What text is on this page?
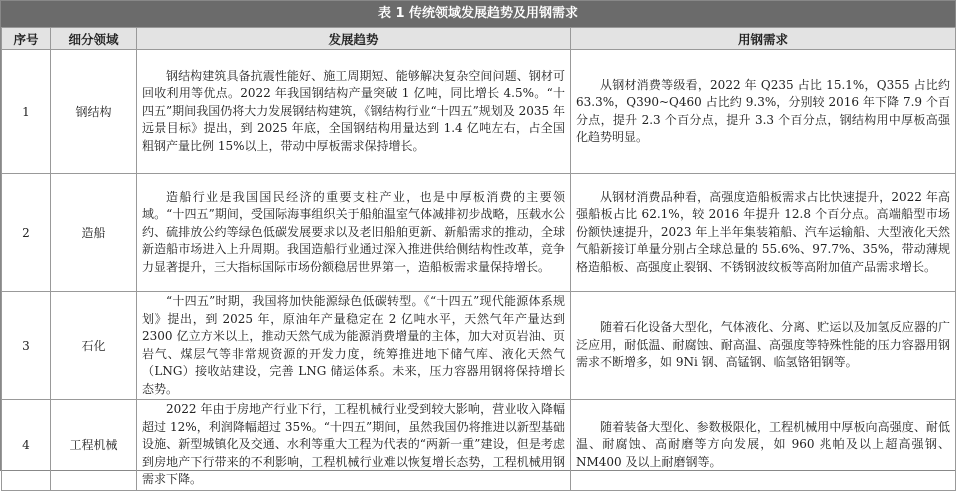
表 1 传统领域发展趋势及用钢需求
序号	细分领域	发展趋势	用钢需求
1	钢结构	钢结构建筑具备抗震性能好、施工周期短、能够解决复杂空间问题、钢材可回收利用等优点。2022 年我国钢结构产量突破 1 亿吨，同比增长 4.5%。“十四五”期间我国仍将大力发展钢结构建筑，《钢结构行业“十四五”规划及 2035 年远景目标》提出，到 2025 年底，全国钢结构用量达到 1.4 亿吨左右，占全国粗钢产量比例 15%以上，带动中厚板需求保持增长。	从钢材消费等级看，2022 年 Q235 占比 15.1%，Q355 占比约 63.3%，Q390~Q460 占比约 9.3%，分别较 2016 年下降 7.9 个百分点，提升 2.3 个百分点，提升 3.3 个百分点，钢结构用中厚板高强化趋势明显。

2	造船	造船行业是我国国民经济的重要支柱产业，也是中厚板消费的主要领域。“十四五”期间，受国际海事组织关于船舶温室气体减排初步战略，压载水公约、硫排放公约等绿色低碳发展要求以及老旧船舶更新、新船需求的推动，全球新造船市场进入上升周期。我国造船行业通过深入推进供给侧结构性改革，竞争力显著提升，三大指标国际市场份额稳居世界第一，造船板需求量保持增长。	从钢材消费品种看，高强度造船板需求占比快速提升，2022 年高强船板占比 62.1%，较 2016 年提升 12.8 个百分点。高端船型市场份额快速提升，2023 年上半年集装箱船、汽车运输船、大型液化天然气船新接订单量分别占全球总量的 55.6%、97.7%、35%，带动薄规格造船板、高强度止裂钢、不锈钢波纹板等高附加值产品需求增长。

3	石化	“十四五”时期，我国将加快能源绿色低碳转型。《“十四五”现代能源体系规划》提出，到 2025 年，原油年产量稳定在 2 亿吨水平，天然气年产量达到 2300 亿立方米以上，推动天然气成为能源消费增量的主体，加大对页岩油、页岩气、煤层气等非常规资源的开发力度，统筹推进地下储气库、液化天然气（LNG）接收站建设，完善 LNG 储运体系。未来，压力容器用钢将保持增长态势。	随着石化设备大型化，气体液化、分离、贮运以及加氢反应器的广泛应用，耐低温、耐腐蚀、耐高温、高强度等特殊性能的压力容器用钢需求不断增多，如 9Ni 钢、高锰钢、临氢铬钼钢等。

4	工程机械	2022 年由于房地产行业下行，工程机械行业受到较大影响，营业收入降幅超过 12%，利润降幅超过 35%。“十四五”期间，虽然我国仍将推进以新型基础设施、新型城镇化及交通、水利等重大工程为代表的“两新一重”建设，但是考虑到房地产下行带来的不利影响，工程机械行业难以恢复增长态势，工程机械用钢需求下降。	随着装备大型化、参数极限化，工程机械用中厚板向高强度、耐低温、耐腐蚀、高耐磨等方向发展，如 960 兆帕及以上超高强钢、NM400 及以上耐磨钢等。
